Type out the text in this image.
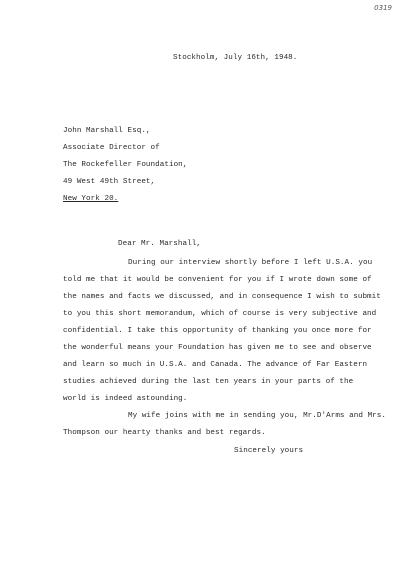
0319
Stockholm, July 16th, 1948.
John Marshall Esq.,
Associate Director of
The Rockefeller Foundation,
49 West 49th Street,
New York 20.
Dear Mr. Marshall,
During our interview shortly before I left U.S.A. you
told me that it would be convenient for you if I wrote down some of
the names and facts we discussed, and in consequence I wish to submit
to you this short memorandum, which of course is very subjective and
confidential. I take this opportunity of thanking you once more for
the wonderful means your Foundation has given me to see and observe
and learn so much in U.S.A. and Canada. The advance of Far Eastern
studies achieved during the last ten years in your parts of the
world is indeed astounding.
My wife joins with me in sending you, Mr.D'Arms and Mrs.
Thompson our hearty thanks and best regards.
Sincerely yours
